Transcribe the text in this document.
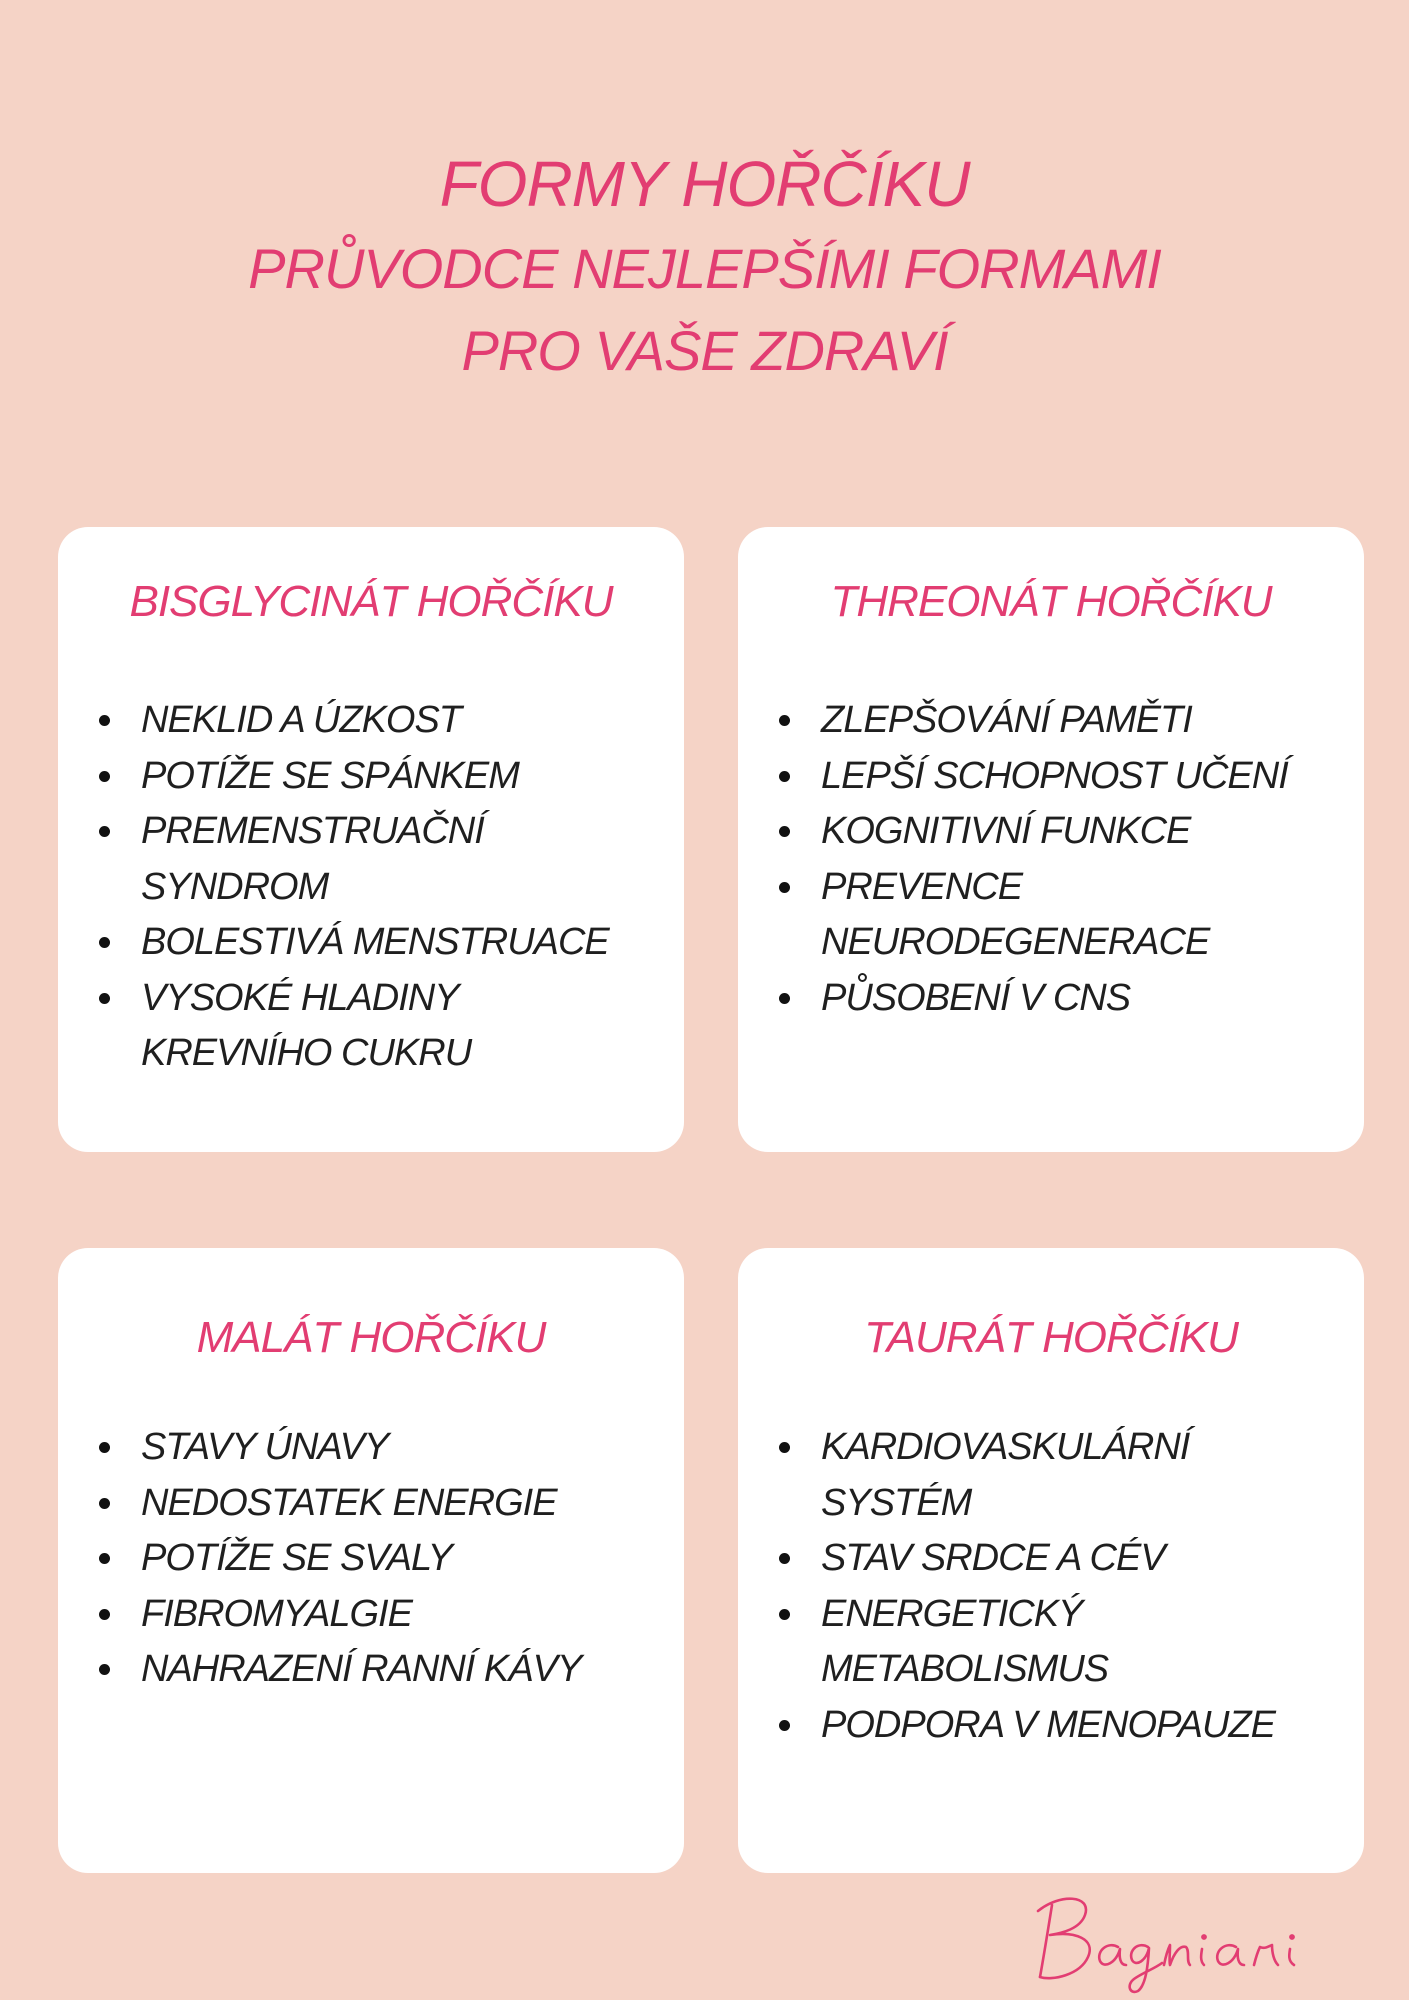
FORMY HOŘČÍKU
PRŮVODCE NEJLEPŠÍMI FORMAMI
PRO VAŠE ZDRAVÍ
BISGLYCINÁT HOŘČÍKU
NEKLID A ÚZKOST
POTÍŽE SE SPÁNKEM
PREMENSTRUAČNÍ
SYNDROM
BOLESTIVÁ MENSTRUACE
VYSOKÉ HLADINY
KREVNÍHO CUKRU
THREONÁT HOŘČÍKU
ZLEPŠOVÁNÍ PAMĚTI
LEPŠÍ SCHOPNOST UČENÍ
KOGNITIVNÍ FUNKCE
PREVENCE
NEURODEGENERACE
PŮSOBENÍ V CNS
MALÁT HOŘČÍKU
STAVY ÚNAVY
NEDOSTATEK ENERGIE
POTÍŽE SE SVALY
FIBROMYALGIE
NAHRAZENÍ RANNÍ KÁVY
TAURÁT HOŘČÍKU
KARDIOVASKULÁRNÍ
SYSTÉM
STAV SRDCE A CÉV
ENERGETICKÝ
METABOLISMUS
PODPORA V MENOPAUZE
